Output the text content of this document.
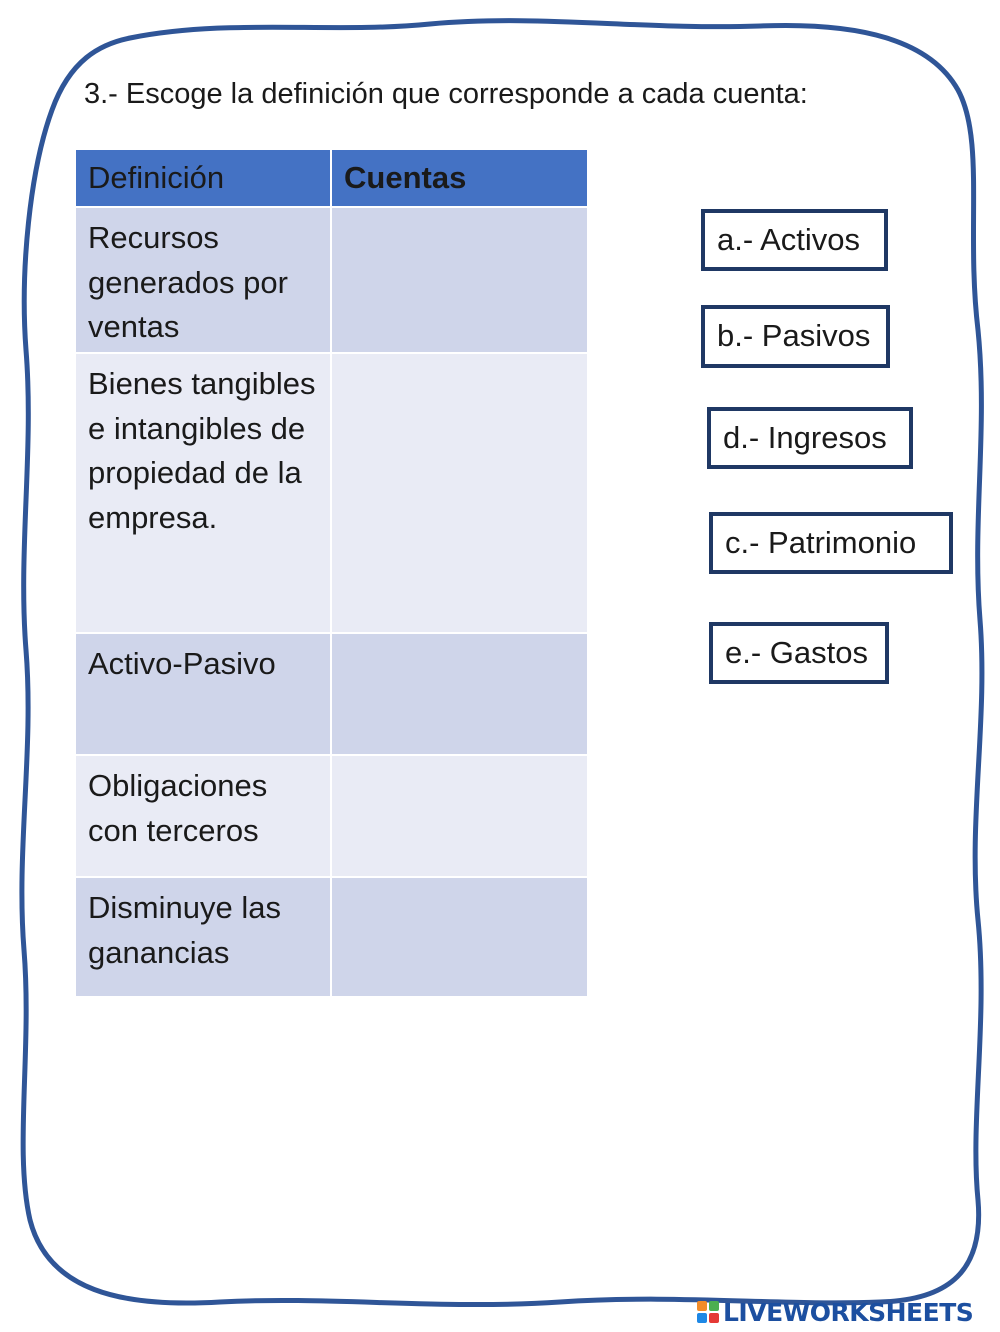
3.- Escoge la definición que corresponde a cada cuenta:
Definición	Cuentas
Recursos generados por ventas	
Bienes tangibles e intangibles de propiedad de la empresa.	
Activo-Pasivo	
Obligaciones con terceros	
Disminuye las ganancias	
a.- Activos
b.- Pasivos
d.- Ingresos
c.- Patrimonio
e.- Gastos
LIVEWORKSHEETS
